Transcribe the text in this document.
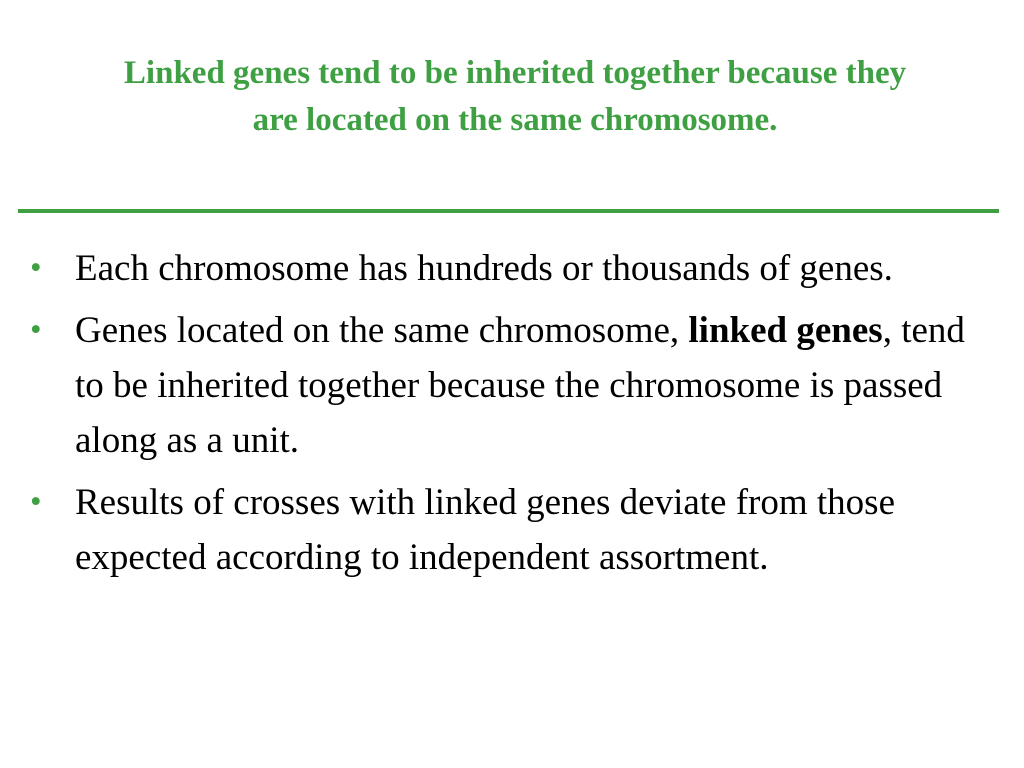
Linked genes tend to be inherited together because they
are located on the same chromosome.
• Each chromosome has hundreds or thousands of genes.
• Genes located on the same chromosome, linked genes, tend to be inherited together because the chromosome is passed along as a unit.
• Results of crosses with linked genes deviate from those expected according to independent assortment.
